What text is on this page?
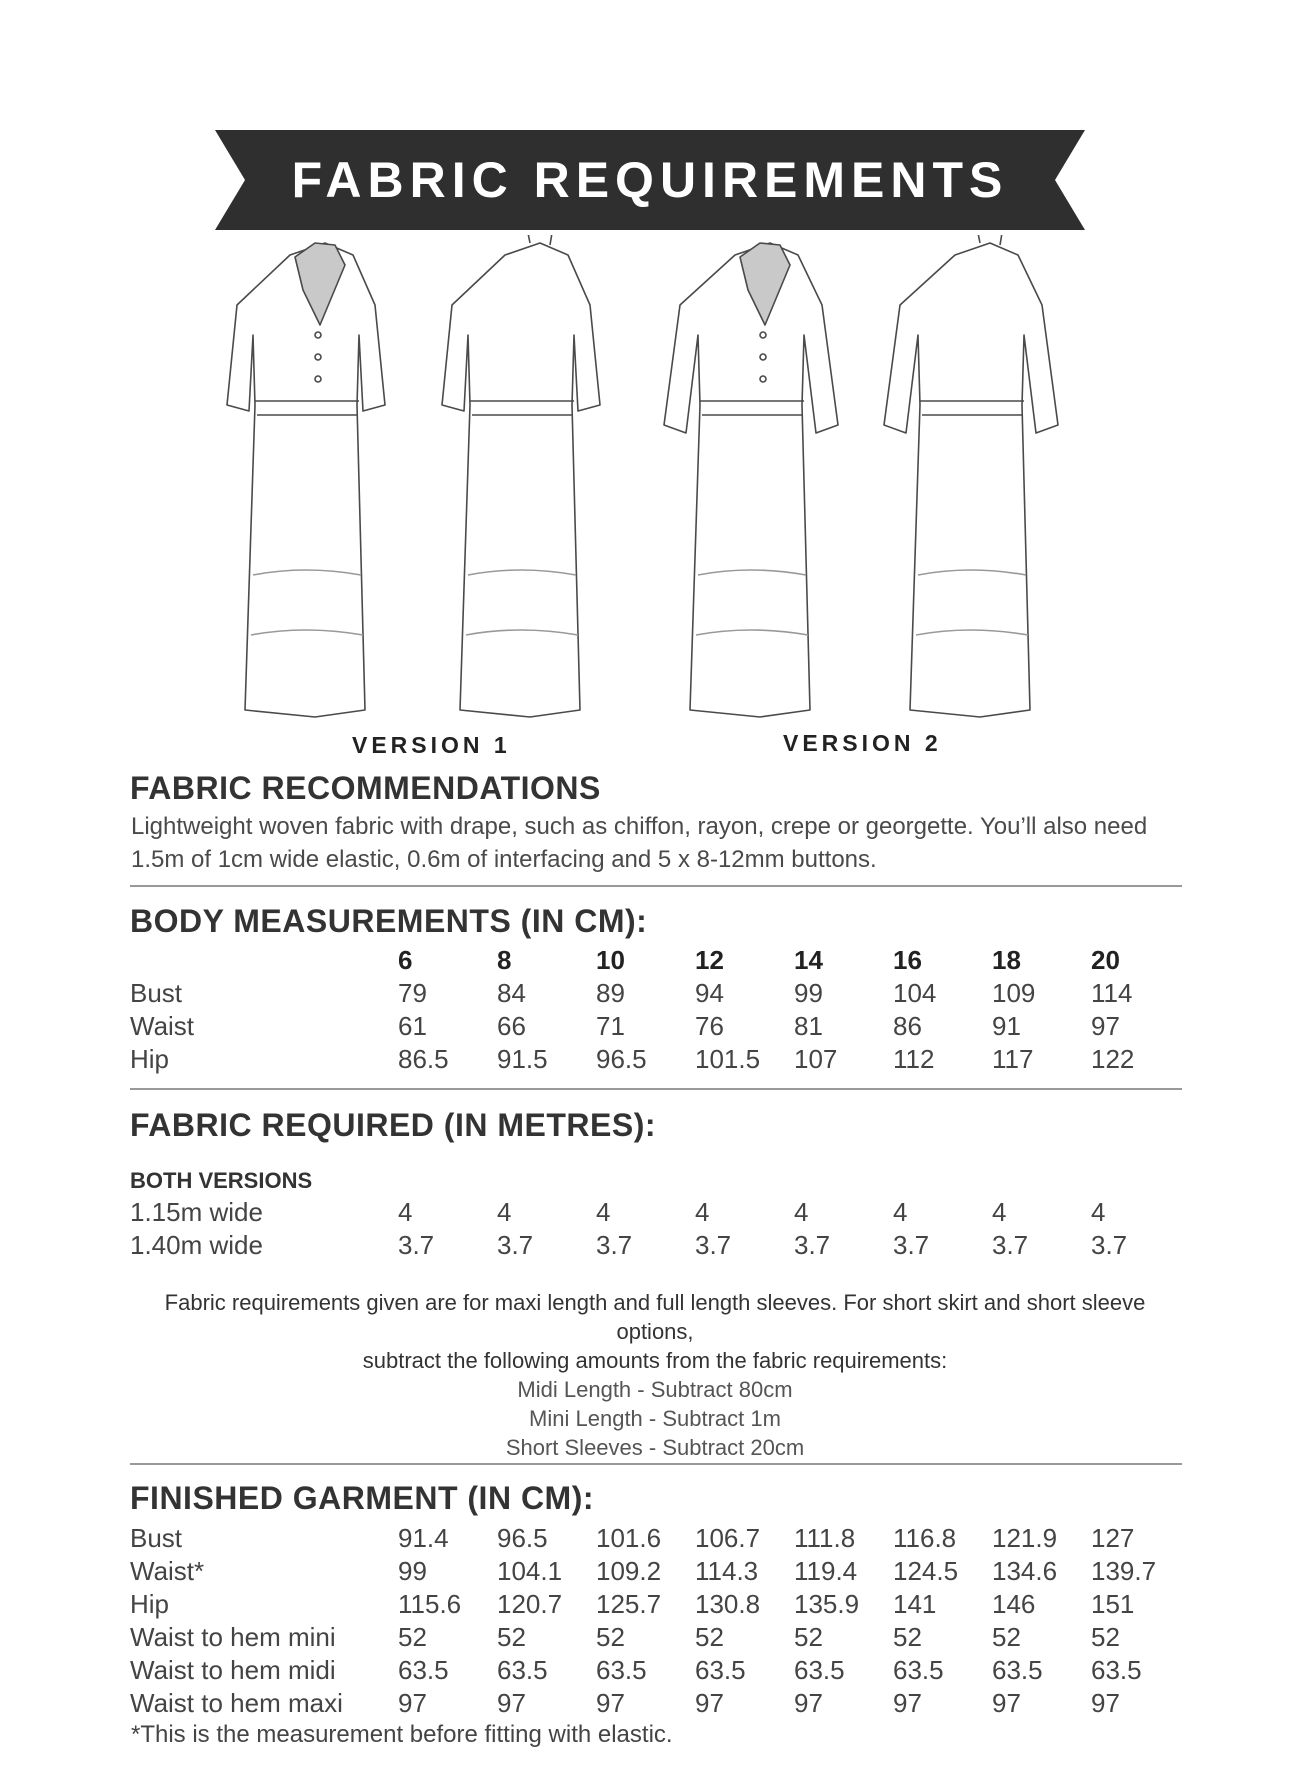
FABRIC REQUIREMENTS
VERSION 1	VERSION 2
FABRIC RECOMMENDATIONS
Lightweight woven fabric with drape, such as chiffon, rayon, crepe or georgette. You’ll also need
1.5m of 1cm wide elastic, 0.6m of interfacing and 5 x 8-12mm buttons.
BODY MEASUREMENTS (IN CM):
	6	8	10	12	14	16	18	20
Bust	79	84	89	94	99	104	109	114
Waist	61	66	71	76	81	86	91	97
Hip	86.5	91.5	96.5	101.5	107	112	117	122
FABRIC REQUIRED (IN METRES):
BOTH VERSIONS
1.15m wide	4	4	4	4	4	4	4	4
1.40m wide	3.7	3.7	3.7	3.7	3.7	3.7	3.7	3.7
Fabric requirements given are for maxi length and full length sleeves. For short skirt and short sleeve options,
subtract the following amounts from the fabric requirements:
Midi Length - Subtract 80cm
Mini Length - Subtract 1m
Short Sleeves - Subtract 20cm
FINISHED GARMENT (IN CM):
Bust	91.4	96.5	101.6	106.7	111.8	116.8	121.9	127
Waist*	99	104.1	109.2	114.3	119.4	124.5	134.6	139.7
Hip	115.6	120.7	125.7	130.8	135.9	141	146	151
Waist to hem mini	52	52	52	52	52	52	52	52
Waist to hem midi	63.5	63.5	63.5	63.5	63.5	63.5	63.5	63.5
Waist to hem maxi	97	97	97	97	97	97	97	97
*This is the measurement before fitting with elastic.
